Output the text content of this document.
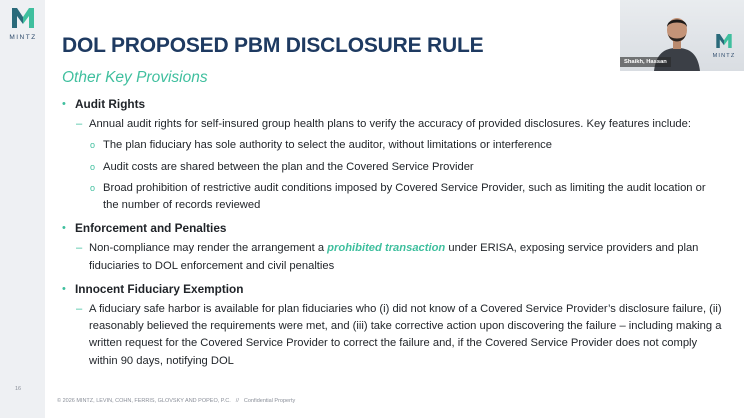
MINTZ
16
DOL PROPOSED PBM DISCLOSURE RULE
Other Key Provisions
• Audit Rights
– Annual audit rights for self-insured group health plans to verify the accuracy of provided disclosures. Key features include:
o The plan fiduciary has sole authority to select the auditor, without limitations or interference
o Audit costs are shared between the plan and the Covered Service Provider
o Broad prohibition of restrictive audit conditions imposed by Covered Service Provider, such as limiting the audit location or the number of records reviewed
• Enforcement and Penalties
– Non-compliance may render the arrangement a prohibited transaction under ERISA, exposing service providers and plan fiduciaries to DOL enforcement and civil penalties
• Innocent Fiduciary Exemption
– A fiduciary safe harbor is available for plan fiduciaries who (i) did not know of a Covered Service Provider’s disclosure failure, (ii) reasonably believed the requirements were met, and (iii) take corrective action upon discovering the failure – including making a written request for the Covered Service Provider to correct the failure and, if the Covered Service Provider does not comply within 90 days, notifying DOL
© 2026 MINTZ, LEVIN, COHN, FERRIS, GLOVSKY AND POPEO, P.C. // Confidential Property
MINTZ
Shaikh, Hassan
